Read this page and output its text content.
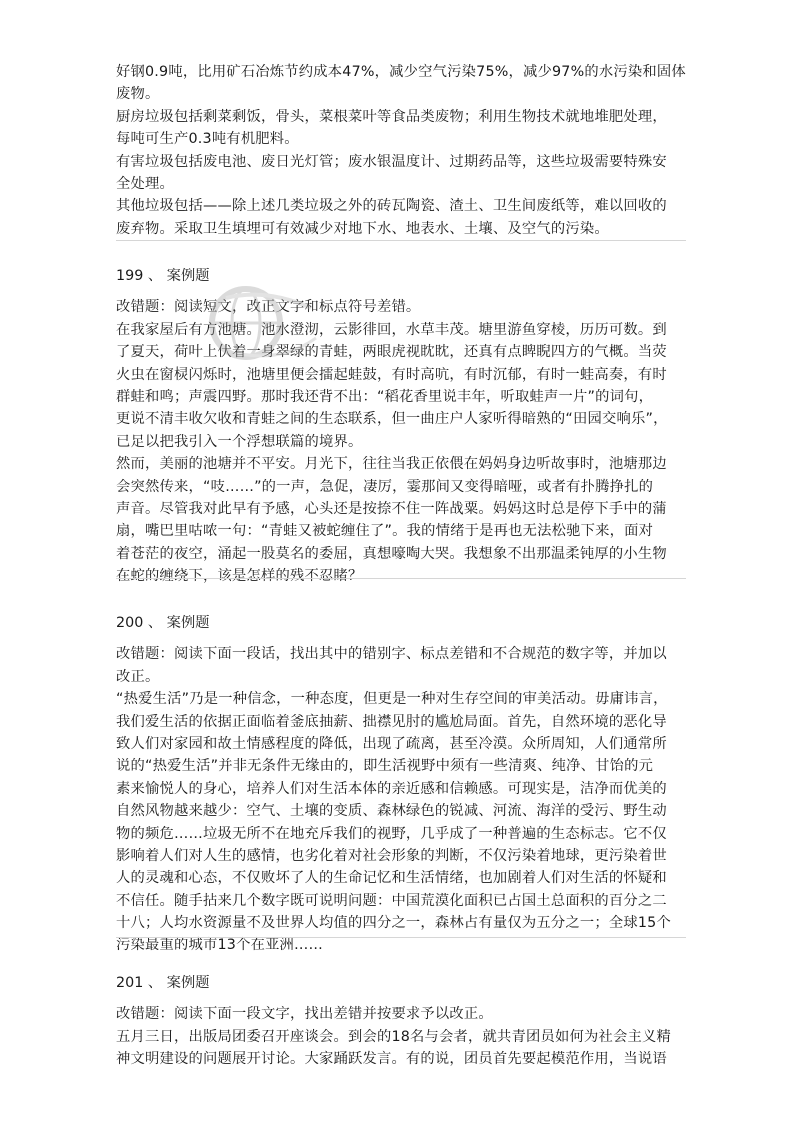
好钢0.9吨，比用矿石冶炼节约成本47%，减少空气污染75%，减少97%的水污染和固体
废物。
厨房垃圾包括剩菜剩饭，骨头，菜根菜叶等食品类废物；利用生物技术就地堆肥处理，
每吨可生产0.3吨有机肥料。
有害垃圾包括废电池、废日光灯管；废水银温度计、过期药品等，这些垃圾需要特殊安
全处理。
其他垃圾包括——除上述几类垃圾之外的砖瓦陶瓷、渣土、卫生间废纸等，难以回收的
废弃物。采取卫生填埋可有效减少对地下水、地表水、土壤、及空气的污染。
199 、 案例题
改错题：阅读短文，改正文字和标点符号差错。
在我家屋后有方池塘。池水澄沏，云影徘回，水草丰茂。塘里游鱼穿棱，历历可数。到
了夏天，荷叶上伏着一身翠绿的青蛙，两眼虎视眈眈，还真有点睥睨四方的气概。当荧
火虫在窗棂闪烁时，池塘里便会擂起蛙鼓，有时高吭，有时沉郁，有时一蛙高奏，有时
群蛙和鸣；声震四野。那时我还背不出：“稻花香里说丰年，听取蛙声一片”的词句，
更说不清丰收欠收和青蛙之间的生态联系，但一曲庄户人家听得暗熟的“田园交响乐”，
已足以把我引入一个浮想联篇的境界。
然而，美丽的池塘并不平安。月光下，往往当我正依偎在妈妈身边听故事时，池塘那边
会突然传来，“吱……”的一声，急促，凄厉，霎那间又变得暗哑，或者有扑腾挣扎的
声音。尽管我对此早有予感，心头还是按捺不住一阵战粟。妈妈这时总是停下手中的蒲
扇，嘴巴里咕哝一句：“青蛙又被蛇缠住了”。我的情绪于是再也无法松驰下来，面对
着苍茫的夜空，涌起一股莫名的委屈，真想嚎啕大哭。我想象不出那温柔钝厚的小生物
在蛇的缠绕下，该是怎样的残不忍睹？
200 、 案例题
改错题：阅读下面一段话，找出其中的错别字、标点差错和不合规范的数字等，并加以
改正。
“热爱生活”乃是一种信念，一种态度，但更是一种对生存空间的审美活动。毋庸讳言，
我们爱生活的依据正面临着釜底抽薪、拙襟见肘的尴尬局面。首先，自然环境的恶化导
致人们对家园和故土情感程度的降低，出现了疏离，甚至冷漠。众所周知，人们通常所
说的“热爱生活”并非无条件无缘由的，即生活视野中须有一些清爽、纯净、甘饴的元
素来愉悦人的身心，培养人们对生活本体的亲近感和信赖感。可现实是，洁净而优美的
自然风物越来越少：空气、土壤的变质、森林绿色的锐减、河流、海洋的受污、野生动
物的频危……垃圾无所不在地充斥我们的视野，几乎成了一种普遍的生态标志。它不仅
影响着人们对人生的感情，也劣化着对社会形象的判断，不仅污染着地球，更污染着世
人的灵魂和心态，不仅败坏了人的生命记忆和生活情绪，也加剧着人们对生活的怀疑和
不信任。随手拈来几个数字既可说明问题：中国荒漠化面积已占国土总面积的百分之二
十八；人均水资源量不及世界人均值的四分之一，森林占有量仅为五分之一；全球15个
污染最重的城市13个在亚洲……
201 、 案例题
改错题：阅读下面一段文字，找出差错并按要求予以改正。
五月三日，出版局团委召开座谈会。到会的18名与会者，就共青团员如何为社会主义精
神文明建设的问题展开讨论。大家踊跃发言。有的说，团员首先要起模范作用，当说语
